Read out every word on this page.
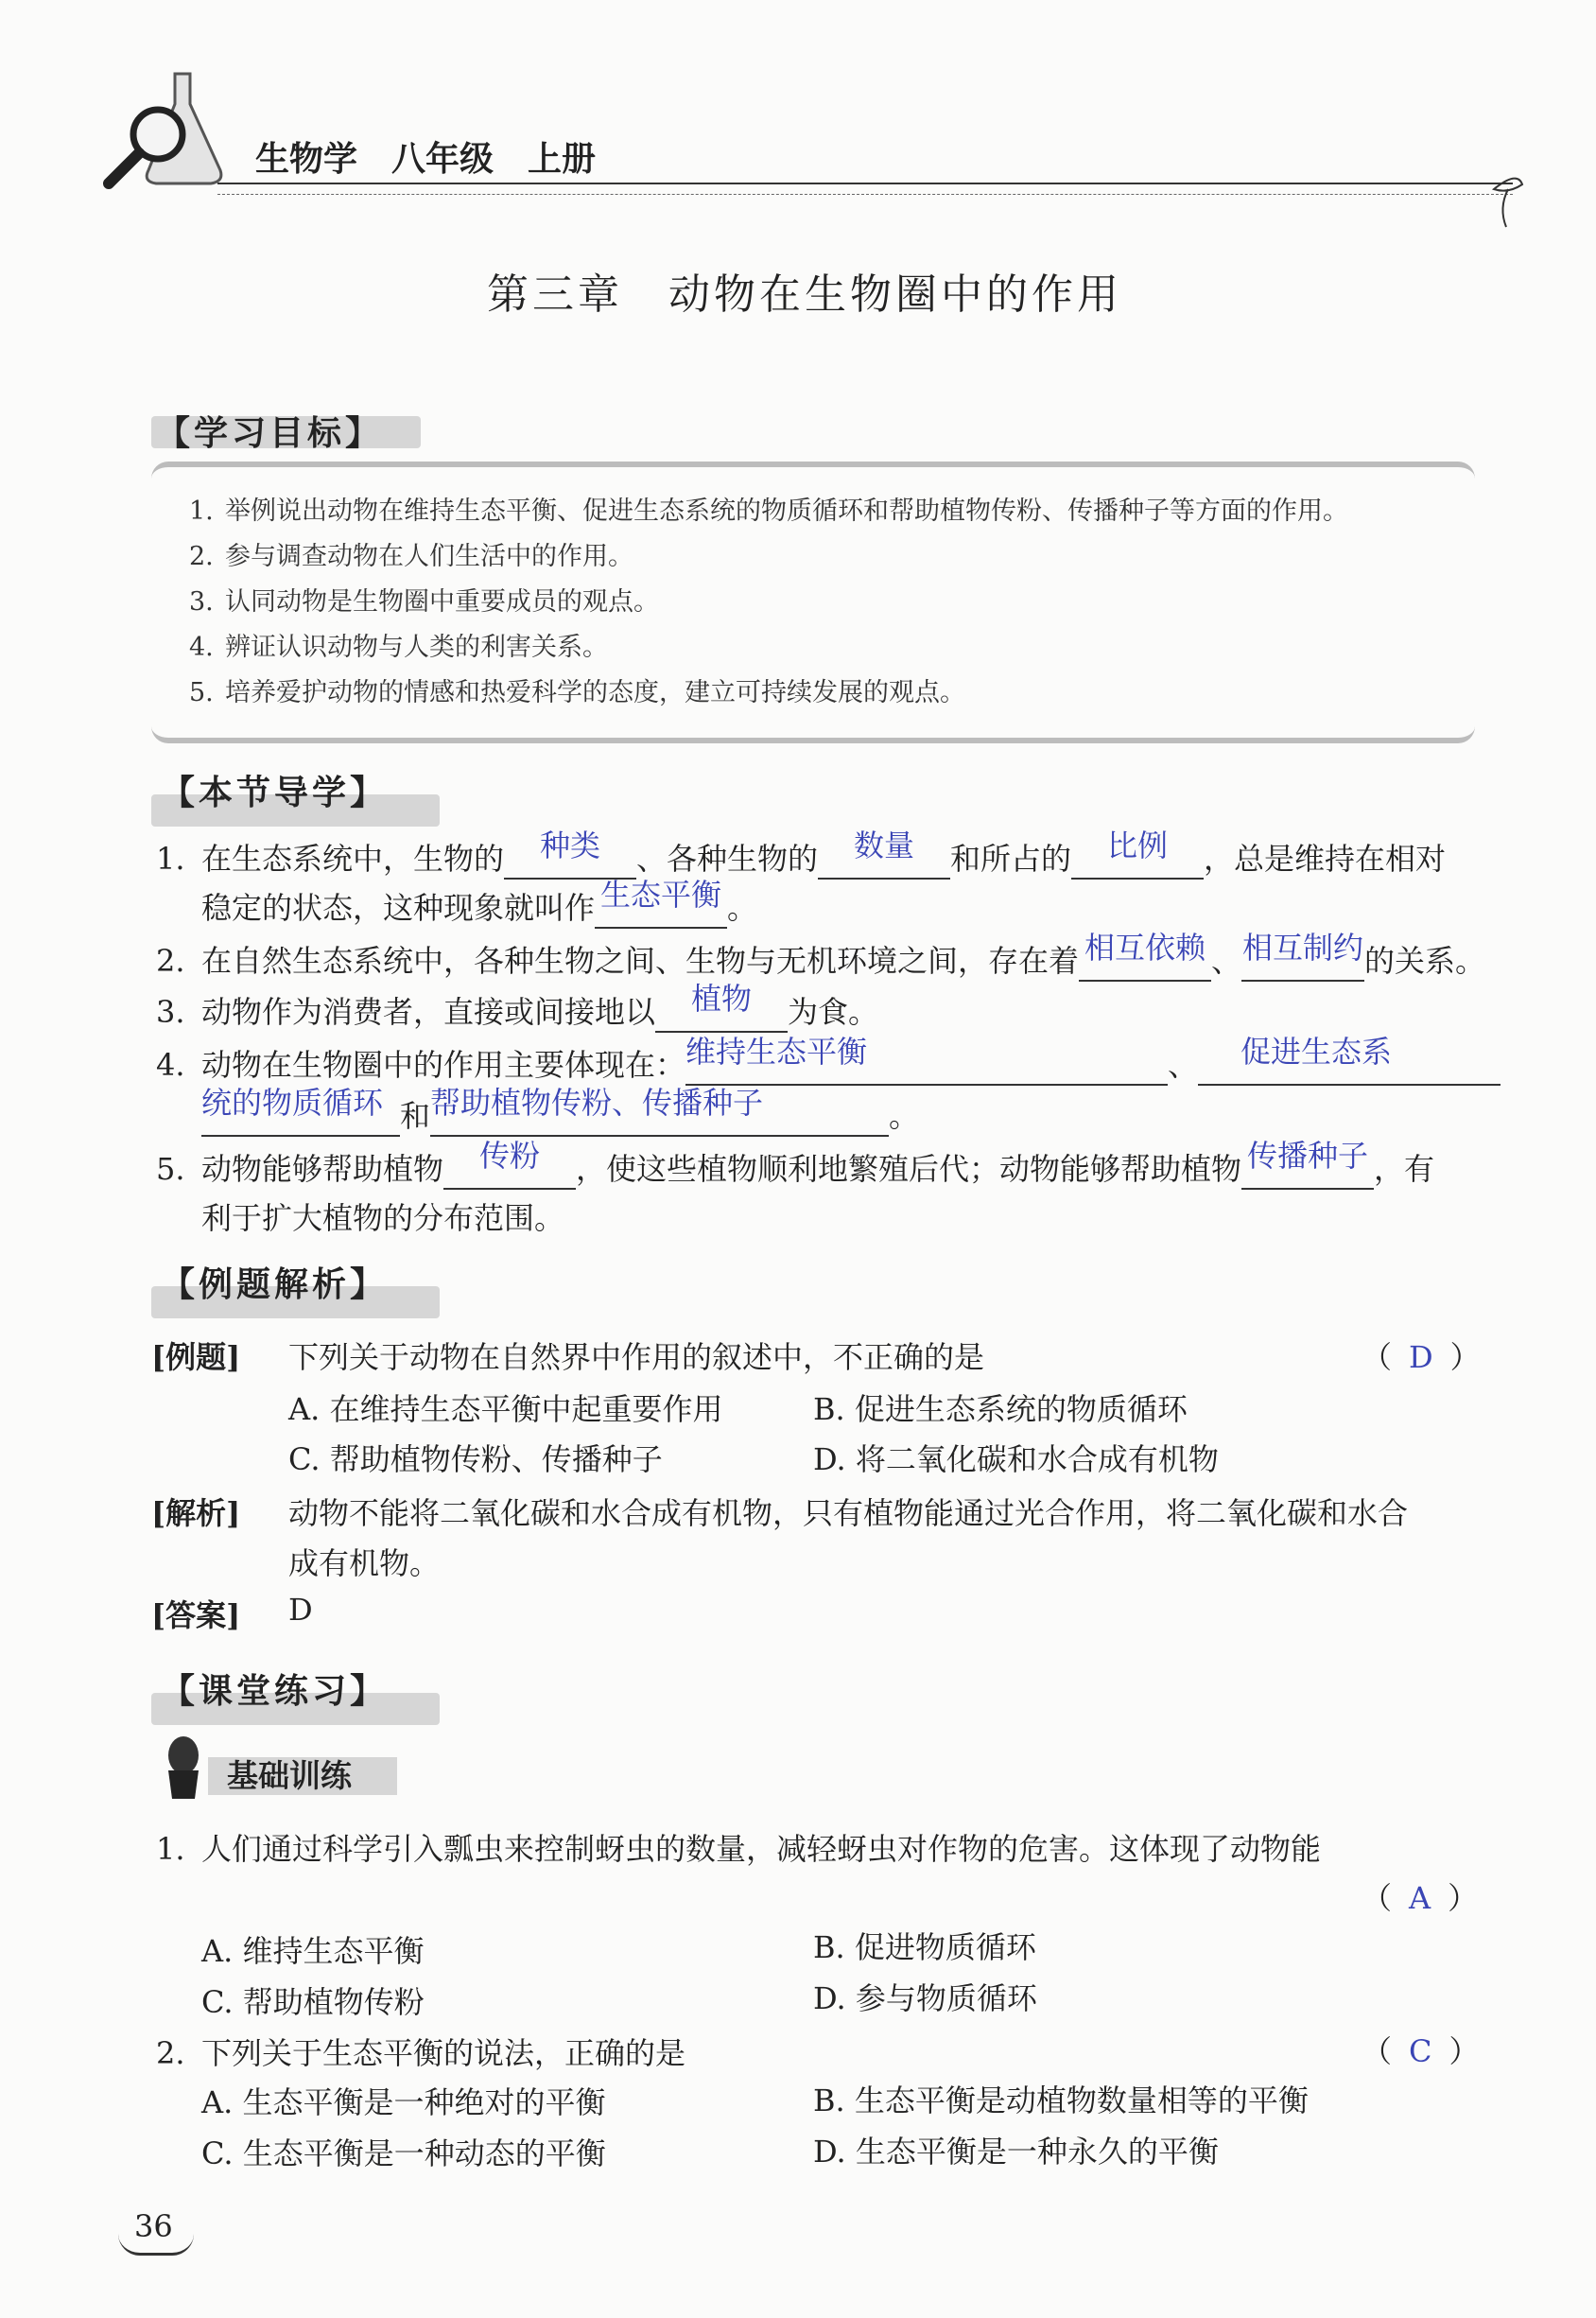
生物学　八年级　上册
第三章　动物在生物圈中的作用
【学习目标】
1. 举例说出动物在维持生态平衡、促进生态系统的物质循环和帮助植物传粉、传播种子等方面的作用。
2. 参与调查动物在人们生活中的作用。
3. 认同动物是生物圈中重要成员的观点。
4. 辨证认识动物与人类的利害关系。
5. 培养爱护动物的情感和热爱科学的态度，建立可持续发展的观点。
【本节导学】
1. 在生态系统中，生物的 种类 、各种生物的 数量 和所占的 比例 ，总是维持在相对
稳定的状态，这种现象就叫作 生态平衡 。
2. 在自然生态系统中，各种生物之间、生物与无机环境之间，存在着 相互依赖 、相互制约的关系。
3. 动物作为消费者，直接或间接地以 植物 为食。
4. 动物在生物圈中的作用主要体现在：维持生态平衡	、 促进生态系
统的物质循环 和帮助植物传粉、传播种子	。
5. 动物能够帮助植物 传粉 ，使这些植物顺利地繁殖后代；动物能够帮助植物 传播种子 ，有
利于扩大植物的分布范围。
【例题解析】
[例题] 下列关于动物在自然界中作用的叙述中，不正确的是	（ D ）
A. 在维持生态平衡中起重要作用	B. 促进生态系统的物质循环
C. 帮助植物传粉、传播种子	D. 将二氧化碳和水合成有机物
[解析] 动物不能将二氧化碳和水合成有机物，只有植物能通过光合作用，将二氧化碳和水合
成有机物。
[答案] D
【课堂练习】
基础训练
1. 人们通过科学引入瓢虫来控制蚜虫的数量，减轻蚜虫对作物的危害。这体现了动物能
（ A ）
A. 维持生态平衡	B. 促进物质循环
C. 帮助植物传粉	D. 参与物质循环
2. 下列关于生态平衡的说法，正确的是	（ C ）
A. 生态平衡是一种绝对的平衡	B. 生态平衡是动植物数量相等的平衡
C. 生态平衡是一种动态的平衡	D. 生态平衡是一种永久的平衡
36
